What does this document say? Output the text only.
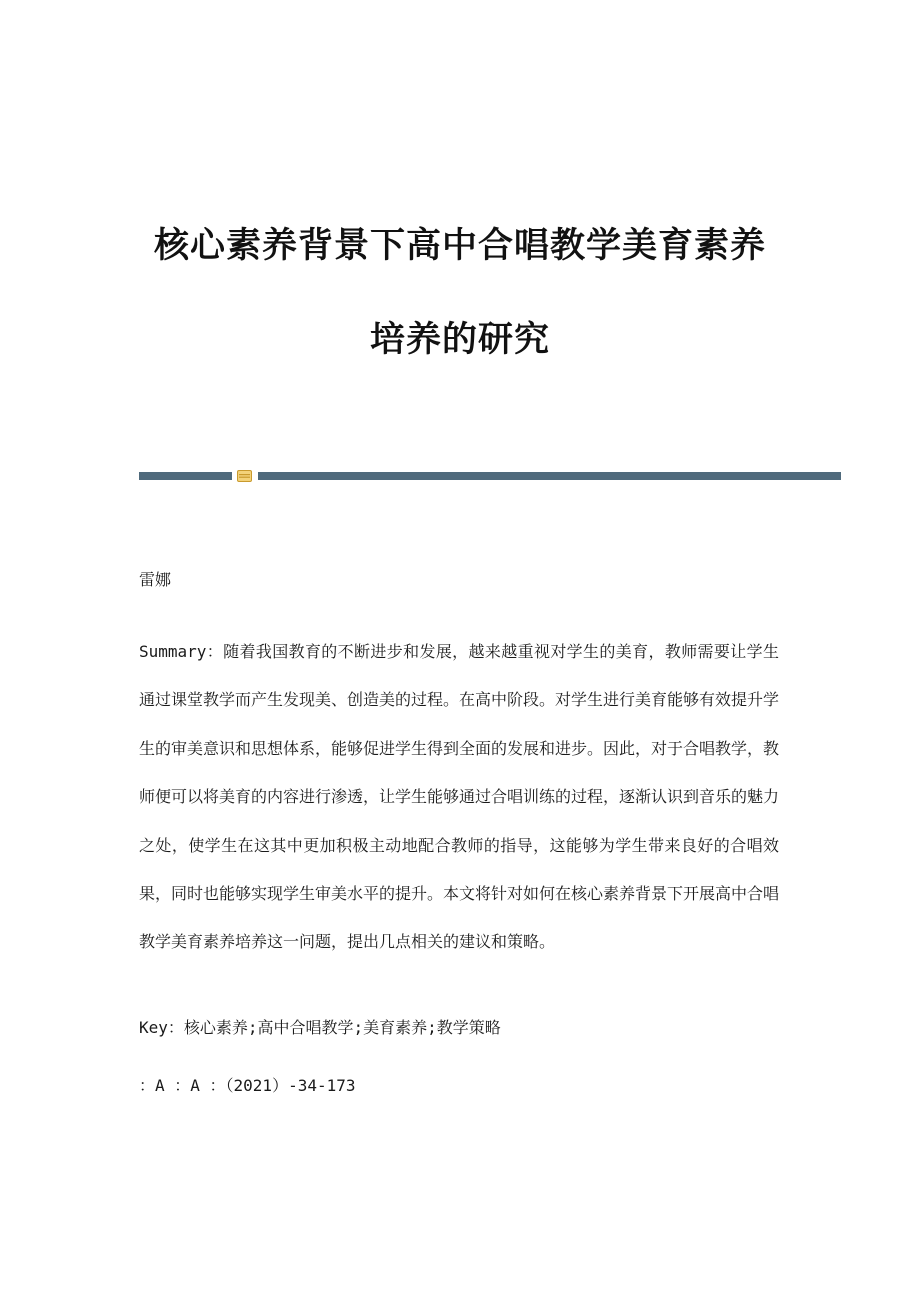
核心素养背景下高中合唱教学美育素养
培养的研究

雷娜

Summary：随着我国教育的不断进步和发展，越来越重视对学生的美育，教师需要让学生通过课堂教学而产生发现美、创造美的过程。在高中阶段。对学生进行美育能够有效提升学生的审美意识和思想体系，能够促进学生得到全面的发展和进步。因此，对于合唱教学，教师便可以将美育的内容进行渗透，让学生能够通过合唱训练的过程，逐渐认识到音乐的魅力之处，使学生在这其中更加积极主动地配合教师的指导，这能够为学生带来良好的合唱效果，同时也能够实现学生审美水平的提升。本文将针对如何在核心素养背景下开展高中合唱教学美育素养培养这一问题，提出几点相关的建议和策略。

Key：核心素养;高中合唱教学;美育素养;教学策略

：A ：A ：（2021）-34-173
